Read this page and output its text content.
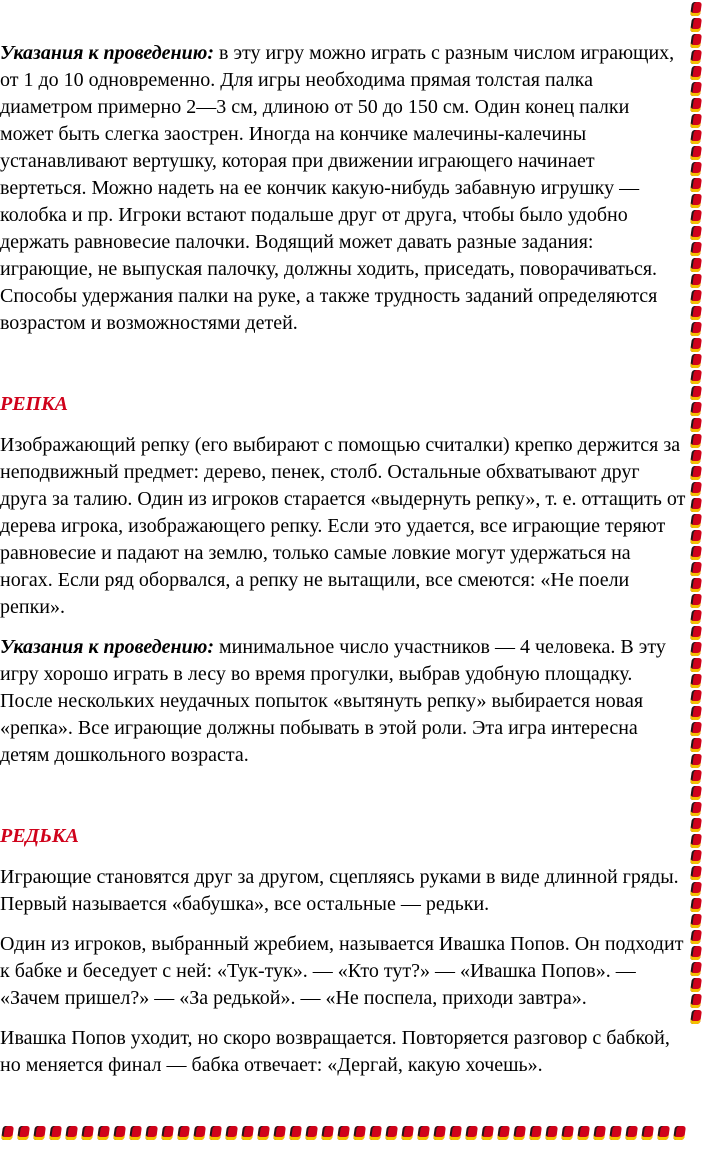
Указания к проведению: в эту игру можно играть с разным числом играющих,
от 1 до 10 одновременно. Для игры необходима прямая толстая палка
диаметром примерно 2—3 см, длиною от 50 до 150 см. Один конец палки
может быть слегка заострен. Иногда на кончике малечины-калечины
устанавливают вертушку, которая при движении играющего начинает
вертеться. Можно надеть на ее кончик какую-нибудь забавную игрушку —
колобка и пр. Игроки встают подальше друг от друга, чтобы было удобно
держать равновесие палочки. Водящий может давать разные задания:
играющие, не выпуская палочку, должны ходить, приседать, поворачиваться.
Способы удержания палки на руке, а также трудность заданий определяются
возрастом и возможностями детей.

РЕПКА

Изображающий репку (его выбирают с помощью считалки) крепко держится за
неподвижный предмет: дерево, пенек, столб. Остальные обхватывают друг
друга за талию. Один из игроков старается «выдернуть репку», т. е. оттащить от
дерева игрока, изображающего репку. Если это удается, все играющие теряют
равновесие и падают на землю, только самые ловкие могут удержаться на
ногах. Если ряд оборвался, а репку не вытащили, все смеются: «Не поели
репки».

Указания к проведению: минимальное число участников — 4 человека. В эту
игру хорошо играть в лесу во время прогулки, выбрав удобную площадку.
После нескольких неудачных попыток «вытянуть репку» выбирается новая
«репка». Все играющие должны побывать в этой роли. Эта игра интересна
детям дошкольного возраста.

РЕДЬКА

Играющие становятся друг за другом, сцепляясь руками в виде длинной гряды.
Первый называется «бабушка», все остальные — редьки.

Один из игроков, выбранный жребием, называется Ивашка Попов. Он подходит
к бабке и беседует с ней: «Тук-тук». — «Кто тут?» — «Ивашка Попов». —
«Зачем пришел?» — «За редькой». — «Не поспела, приходи завтра».

Ивашка Попов уходит, но скоро возвращается. Повторяется разговор с бабкой,
но меняется финал — бабка отвечает: «Дергай, какую хочешь».
